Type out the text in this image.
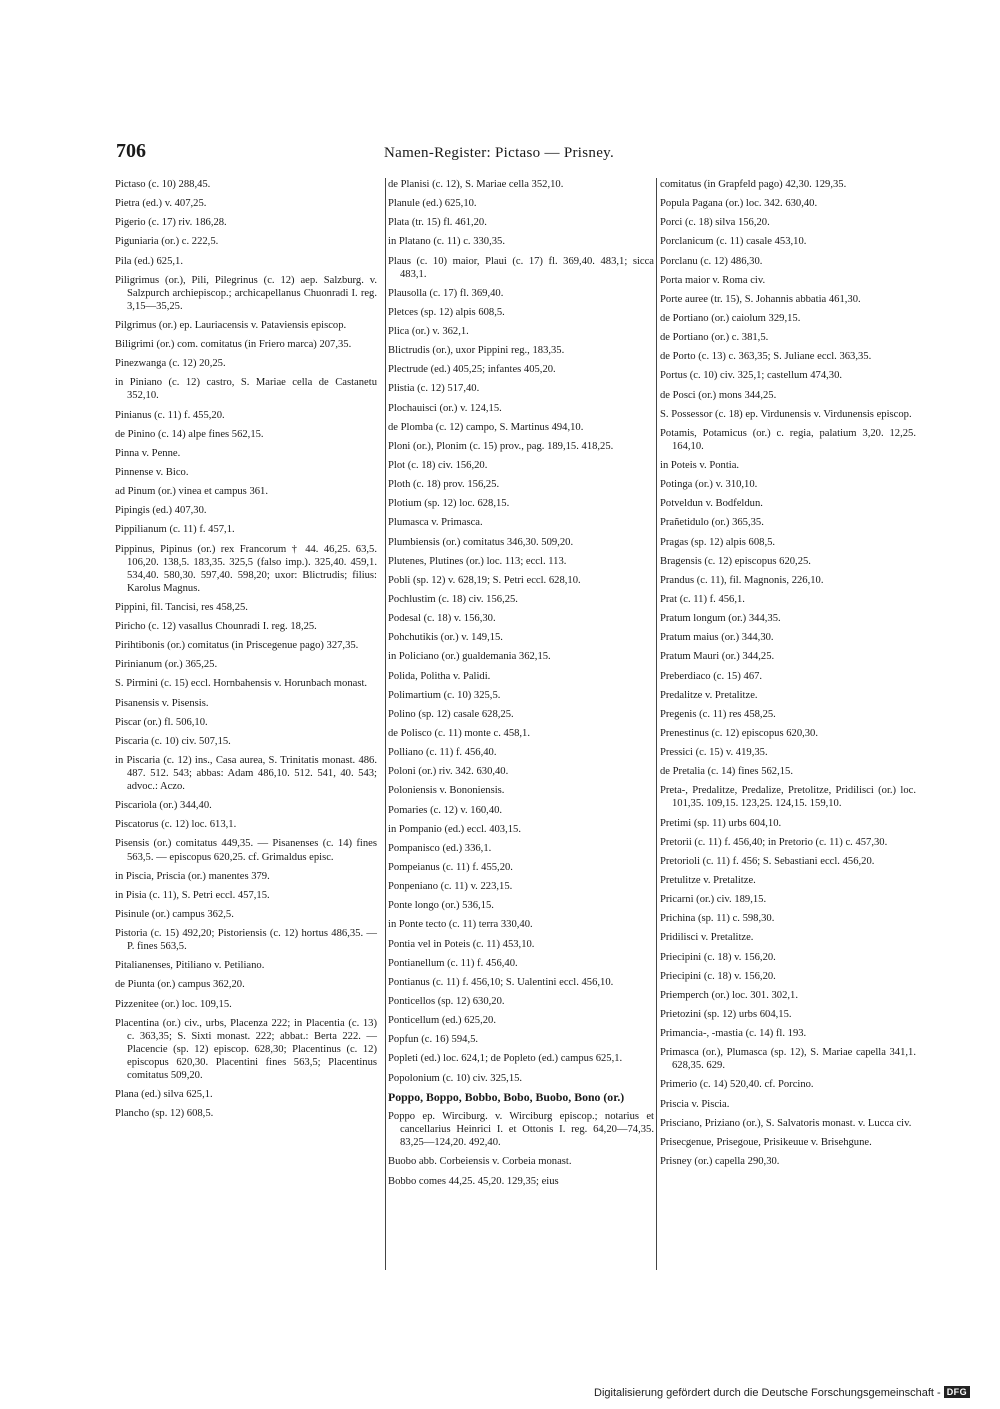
706	Namen-Register: Pictaso — Prisney.

Pictaso (c. 10) 288,45.

Pietra (ed.) v. 407,25.

Pigerio (c. 17) riv. 186,28.

Piguniaria (or.) c. 222,5.

Pila (ed.) 625,1.

Piligrimus (or.), Pili, Pilegrinus (c. 12) aep. Salzburg. v. Salzpurch archiepiscop.; archicapellanus Chuonradi I. reg. 3,15—35,25.

Pilgrimus (or.) ep. Lauriacensis v. Pataviensis episcop.

Biligrimi (or.) com. comitatus (in Friero marca) 207,35.

Pinezwanga (c. 12) 20,25.

in Piniano (c. 12) castro, S. Mariae cella de Castanetu 352,10.

Pinianus (c. 11) f. 455,20.

de Pinino (c. 14) alpe fines 562,15.

Pinna v. Penne.

Pinnense v. Bico.

ad Pinum (or.) vinea et campus 361.

Pipingis (ed.) 407,30.

Pippilianum (c. 11) f. 457,1.

Pippinus, Pipinus (or.) rex Francorum † 44. 46,25. 63,5. 106,20. 138,5. 183,35. 325,5 (falso imp.). 325,40. 459,1. 534,40. 580,30. 597,40. 598,20; uxor: Blictrudis; filius: Karolus Magnus.

Pippini, fil. Tancisi, res 458,25.

Piricho (c. 12) vasallus Chounradi I. reg. 18,25.

Pirihtibonis (or.) comitatus (in Priscegenue pago) 327,35.

Pirinianum (or.) 365,25.

S. Pirmini (c. 15) eccl. Hornbahensis v. Horunbach monast.

Pisanensis v. Pisensis.

Piscar (or.) fl. 506,10.

Piscaria (c. 10) civ. 507,15.

in Piscaria (c. 12) ins., Casa aurea, S. Trinitatis monast. 486. 487. 512. 543; abbas: Adam 486,10. 512. 541, 40. 543; advoc.: Aczo.

Piscariola (or.) 344,40.

Piscatorus (c. 12) loc. 613,1.

Pisensis (or.) comitatus 449,35. — Pisanenses (c. 14) fines 563,5. — episcopus 620,25. cf. Grimaldus episc.

in Piscia, Priscia (or.) manentes 379.

in Pisia (c. 11), S. Petri eccl. 457,15.

Pisinule (or.) campus 362,5.

Pistoria (c. 15) 492,20; Pistoriensis (c. 12) hortus 486,35. — P. fines 563,5.

Pitalianenses, Pitiliano v. Petiliano.

de Piunta (or.) campus 362,20.

Pizzenitee (or.) loc. 109,15.

Placentina (or.) civ., urbs, Placenza 222; in Placentia (c. 13) c. 363,35; S. Sixti monast. 222; abbat.: Berta 222. — Placencie (sp. 12) episcop. 628,30; Placentinus (c. 12) episcopus 620,30. Placentini fines 563,5; Placentinus comitatus 509,20.

Plana (ed.) silva 625,1.

Plancho (sp. 12) 608,5.

de Planisi (c. 12), S. Mariae cella 352,10.

Planule (ed.) 625,10.

Plata (tr. 15) fl. 461,20.

in Platano (c. 11) c. 330,35.

Plaus (c. 10) maior, Plaui (c. 17) fl. 369,40. 483,1; sicca 483,1.

Plausolla (c. 17) fl. 369,40.

Pletces (sp. 12) alpis 608,5.

Plica (or.) v. 362,1.

Blictrudis (or.), uxor Pippini reg., 183,35.

Plectrude (ed.) 405,25; infantes 405,20.

Plistia (c. 12) 517,40.

Plochauisci (or.) v. 124,15.

de Plomba (c. 12) campo, S. Martinus 494,10.

Ploni (or.), Plonim (c. 15) prov., pag. 189,15. 418,25.

Plot (c. 18) civ. 156,20.

Ploth (c. 18) prov. 156,25.

Plotium (sp. 12) loc. 628,15.

Plumasca v. Primasca.

Plumbiensis (or.) comitatus 346,30. 509,20.

Plutenes, Plutines (or.) loc. 113; eccl. 113.

Pobli (sp. 12) v. 628,19; S. Petri eccl. 628,10.

Pochlustim (c. 18) civ. 156,25.

Podesal (c. 18) v. 156,30.

Pohchutikis (or.) v. 149,15.

in Policiano (or.) gualdemania 362,15.

Polida, Politha v. Palidi.

Polimartium (c. 10) 325,5.

Polino (sp. 12) casale 628,25.

de Polisco (c. 11) monte c. 458,1.

Polliano (c. 11) f. 456,40.

Poloni (or.) riv. 342. 630,40.

Poloniensis v. Bononiensis.

Pomaries (c. 12) v. 160,40.

in Pompanio (ed.) eccl. 403,15.

Pompanisco (ed.) 336,1.

Pompeianus (c. 11) f. 455,20.

Ponpeniano (c. 11) v. 223,15.

Ponte longo (or.) 536,15.

in Ponte tecto (c. 11) terra 330,40.

Pontia vel in Poteis (c. 11) 453,10.

Pontianellum (c. 11) f. 456,40.

Pontianus (c. 11) f. 456,10; S. Ualentini eccl. 456,10.

Ponticellos (sp. 12) 630,20.

Ponticellum (ed.) 625,20.

Popfun (c. 16) 594,5.

Popleti (ed.) loc. 624,1; de Popleto (ed.) campus 625,1.

Popolonium (c. 10) civ. 325,15.

Poppo, Boppo, Bobbo, Bobo, Buobo, Bono (or.)

Poppo ep. Wirciburg. v. Wirciburg episcop.; notarius et cancellarius Heinrici I. et Ottonis I. reg. 64,20—74,35. 83,25—124,20. 492,40.

Buobo abb. Corbeiensis v. Corbeia monast.

Bobbo comes 44,25. 45,20. 129,35; eius

comitatus (in Grapfeld pago) 42,30. 129,35.

Popula Pagana (or.) loc. 342. 630,40.

Porci (c. 18) silva 156,20.

Porclanicum (c. 11) casale 453,10.

Porclanu (c. 12) 486,30.

Porta maior v. Roma civ.

Porte auree (tr. 15), S. Johannis abbatia 461,30.

de Portiano (or.) caiolum 329,15.

de Portiano (or.) c. 381,5.

de Porto (c. 13) c. 363,35; S. Juliane eccl. 363,35.

Portus (c. 10) civ. 325,1; castellum 474,30.

de Posci (or.) mons 344,25.

S. Possessor (c. 18) ep. Virdunensis v. Virdunensis episcop.

Potamis, Potamicus (or.) c. regia, palatium 3,20. 12,25. 164,10.

in Poteis v. Pontia.

Potinga (or.) v. 310,10.

Potveldun v. Bodfeldun.

Prañetidulo (or.) 365,35.

Pragas (sp. 12) alpis 608,5.

Bragensis (c. 12) episcopus 620,25.

Prandus (c. 11), fil. Magnonis, 226,10.

Prat (c. 11) f. 456,1.

Pratum longum (or.) 344,35.

Pratum maius (or.) 344,30.

Pratum Mauri (or.) 344,25.

Preberdiaco (c. 15) 467.

Predalitze v. Pretalitze.

Pregenis (c. 11) res 458,25.

Prenestinus (c. 12) episcopus 620,30.

Pressici (c. 15) v. 419,35.

de Pretalia (c. 14) fines 562,15.

Preta-, Predalitze, Predalize, Pretolitze, Pridilisci (or.) loc. 101,35. 109,15. 123,25. 124,15. 159,10.

Pretimi (sp. 11) urbs 604,10.

Pretorii (c. 11) f. 456,40; in Pretorio (c. 11) c. 457,30.

Pretorioli (c. 11) f. 456; S. Sebastiani eccl. 456,20.

Pretulitze v. Pretalitze.

Pricarni (or.) civ. 189,15.

Prichina (sp. 11) c. 598,30.

Pridilisci v. Pretalitze.

Priecipini (c. 18) v. 156,20.

Priecipini (c. 18) v. 156,20.

Priemperch (or.) loc. 301. 302,1.

Prietozini (sp. 12) urbs 604,15.

Primancia-, -mastia (c. 14) fl. 193.

Primasca (or.), Plumasca (sp. 12), S. Mariae capella 341,1. 628,35. 629.

Primerio (c. 14) 520,40. cf. Porcino.

Priscia v. Piscia.

Prisciano, Priziano (or.), S. Salvatoris monast. v. Lucca civ.

Prisecgenue, Prisegoue, Prisikeuue v. Brisehgune.

Prisney (or.) capella 290,30.

Digitalisierung gefördert durch die Deutsche Forschungsgemeinschaft - DFG
